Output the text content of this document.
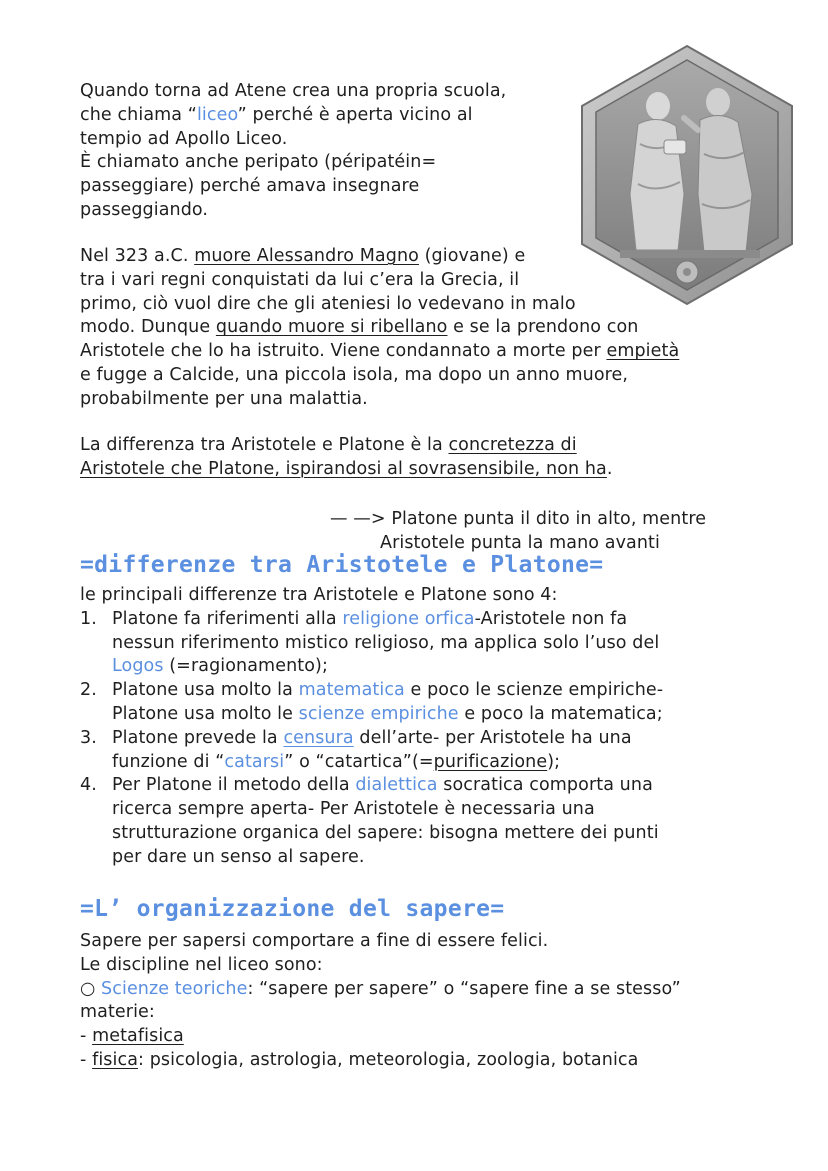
Quando torna ad Atene crea una propria scuola,

che chiama “liceo” perché è aperta vicino al

tempio ad Apollo Liceo.

È chiamato anche peripato (péripatéin=

passeggiare) perché amava insegnare

passeggiando.

Nel 323 a.C. muore Alessandro Magno (giovane) e

tra i vari regni conquistati da lui c’era la Grecia, il

primo, ciò vuol dire che gli ateniesi lo vedevano in malo

modo. Dunque quando muore si ribellano e se la prendono con

Aristotele che lo ha istruito. Viene condannato a morte per empietà

e fugge a Calcide, una piccola isola, ma dopo un anno muore,

probabilmente per una malattia.

La differenza tra Aristotele e Platone è la concretezza di

Aristotele che Platone, ispirandosi al sovrasensibile, non ha.

— —> Platone punta il dito in alto, mentre

Aristotele punta la mano avanti

=differenze tra Aristotele e Platone=

le principali differenze tra Aristotele e Platone sono 4:

1. Platone fa riferimenti alla religione orfica-Aristotele non fa
nessun riferimento mistico religioso, ma applica solo l’uso del
Logos (=ragionamento);
2. Platone usa molto la matematica e poco le scienze empiriche-
Platone usa molto le scienze empiriche e poco la matematica;
3. Platone prevede la censura dell’arte- per Aristotele ha una
funzione di “catarsi” o “catartica”(=purificazione);
4. Per Platone il metodo della dialettica socratica comporta una
ricerca sempre aperta- Per Aristotele è necessaria una
strutturazione organica del sapere: bisogna mettere dei punti
per dare un senso al sapere.
=L’ organizzazione del sapere=

Sapere per sapersi comportare a fine di essere felici.

Le discipline nel liceo sono:

○ Scienze teoriche: “sapere per sapere” o “sapere fine a se stesso”

materie:

- metafisica

- fisica: psicologia, astrologia, meteorologia, zoologia, botanica
